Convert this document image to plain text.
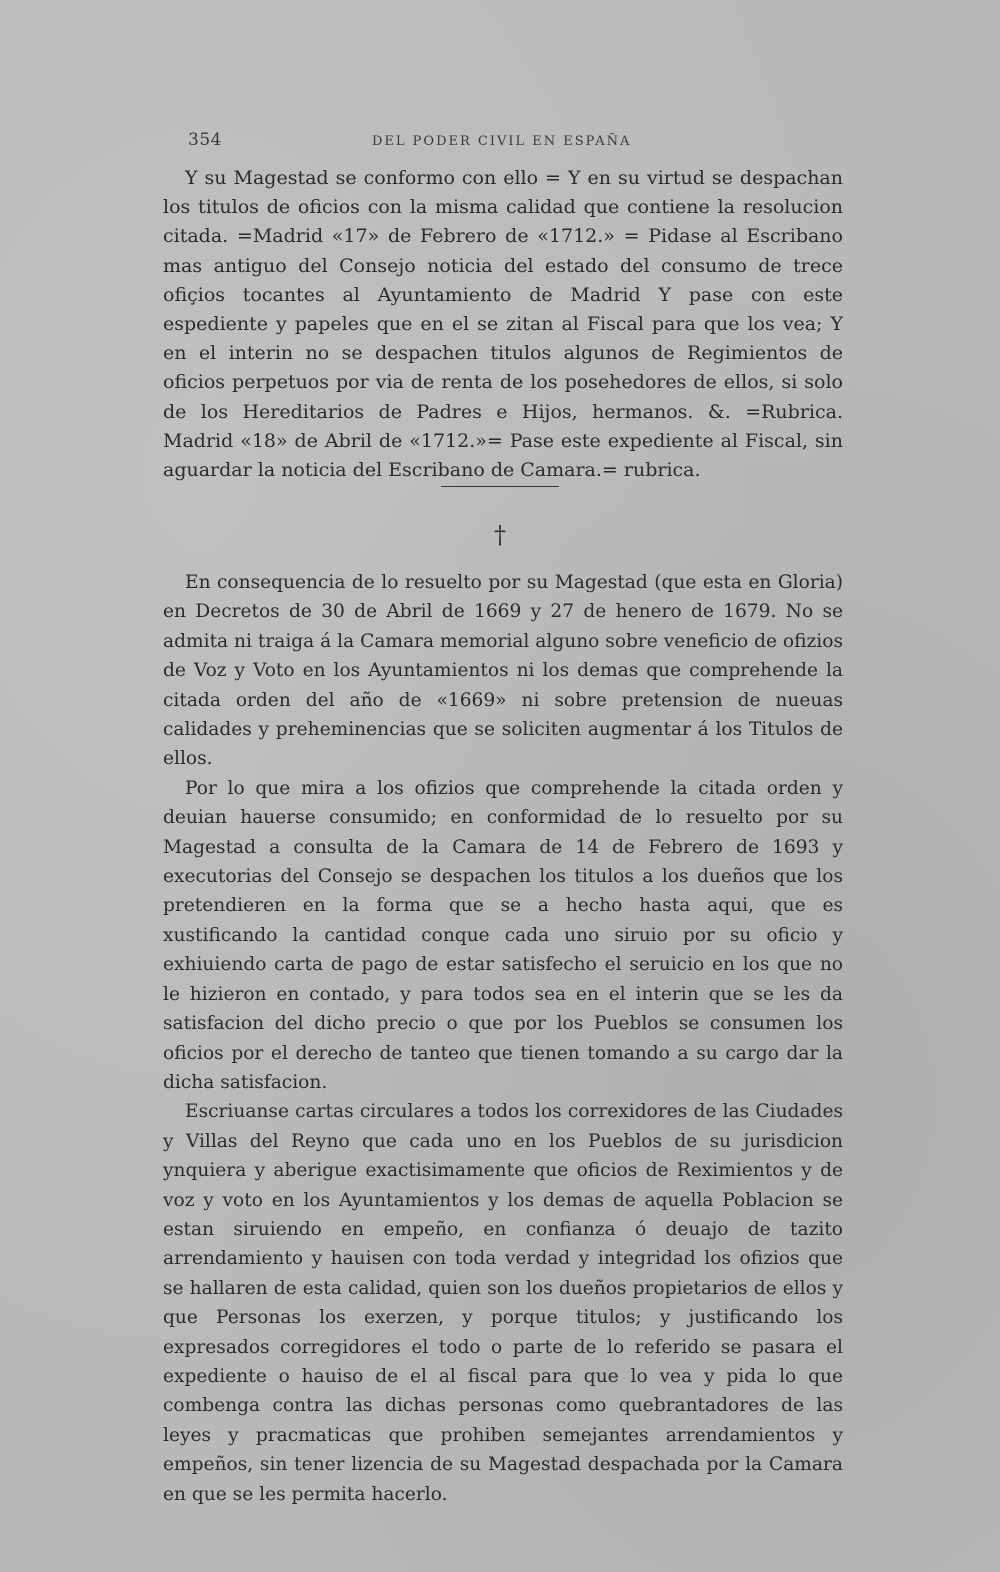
354	DEL PODER CIVIL EN ESPAÑA

Y su Magestad se conformo con ello = Y en su virtud se despachan los titulos de oficios con la misma calidad que contiene la resolucion citada. =Madrid «17» de Febrero de «1712.» = Pidase al Escribano mas antiguo del Consejo noticia del estado del consumo de trece ofiçios tocantes al Ayuntamiento de Madrid Y pase con este espediente y papeles que en el se zitan al Fiscal para que los vea; Y en el interin no se despachen titulos algunos de Regimientos de oficios perpetuos por via de renta de los posehedores de ellos, si solo de los Hereditarios de Padres e Hijos, hermanos. &. =Rubrica. Madrid «18» de Abril de «1712.»= Pase este expediente al Fiscal, sin aguardar la noticia del Escribano de Camara.= rubrica.

†

En consequencia de lo resuelto por su Magestad (que esta en Gloria) en Decretos de 30 de Abril de 1669 y 27 de henero de 1679. No se admita ni traiga á la Camara memorial alguno sobre veneficio de ofizios de Voz y Voto en los Ayuntamientos ni los demas que comprehende la citada orden del año de «1669» ni sobre pretension de nueuas calidades y preheminencias que se soliciten augmentar á los Titulos de ellos.

Por lo que mira a los ofizios que comprehende la citada orden y deuian hauerse consumido; en conformidad de lo resuelto por su Magestad a consulta de la Camara de 14 de Febrero de 1693 y executorias del Consejo se despachen los titulos a los dueños que los pretendieren en la forma que se a hecho hasta aqui, que es xustificando la cantidad conque cada uno siruio por su oficio y exhiuiendo carta de pago de estar satisfecho el seruicio en los que no le hizieron en contado, y para todos sea en el interin que se les da satisfacion del dicho precio o que por los Pueblos se consumen los oficios por el derecho de tanteo que tienen tomando a su cargo dar la dicha satisfacion.

Escriuanse cartas circulares a todos los correxidores de las Ciudades y Villas del Reyno que cada uno en los Pueblos de su jurisdicion ynquiera y aberigue exactisimamente que oficios de Reximientos y de voz y voto en los Ayuntamientos y los demas de aquella Poblacion se estan siruiendo en empeño, en confianza ó deuajo de tazito arrendamiento y hauisen con toda verdad y integridad los ofizios que se hallaren de esta calidad, quien son los dueños propietarios de ellos y que Personas los exerzen, y porque titulos; y justificando los expresados corregidores el todo o parte de lo referido se pasara el expediente o hauiso de el al fiscal para que lo vea y pida lo que combenga contra las dichas personas como quebrantadores de las leyes y pracmaticas que prohiben semejantes arrendamientos y empeños, sin tener lizencia de su Magestad despachada por la Camara en que se les permita hacerlo.
